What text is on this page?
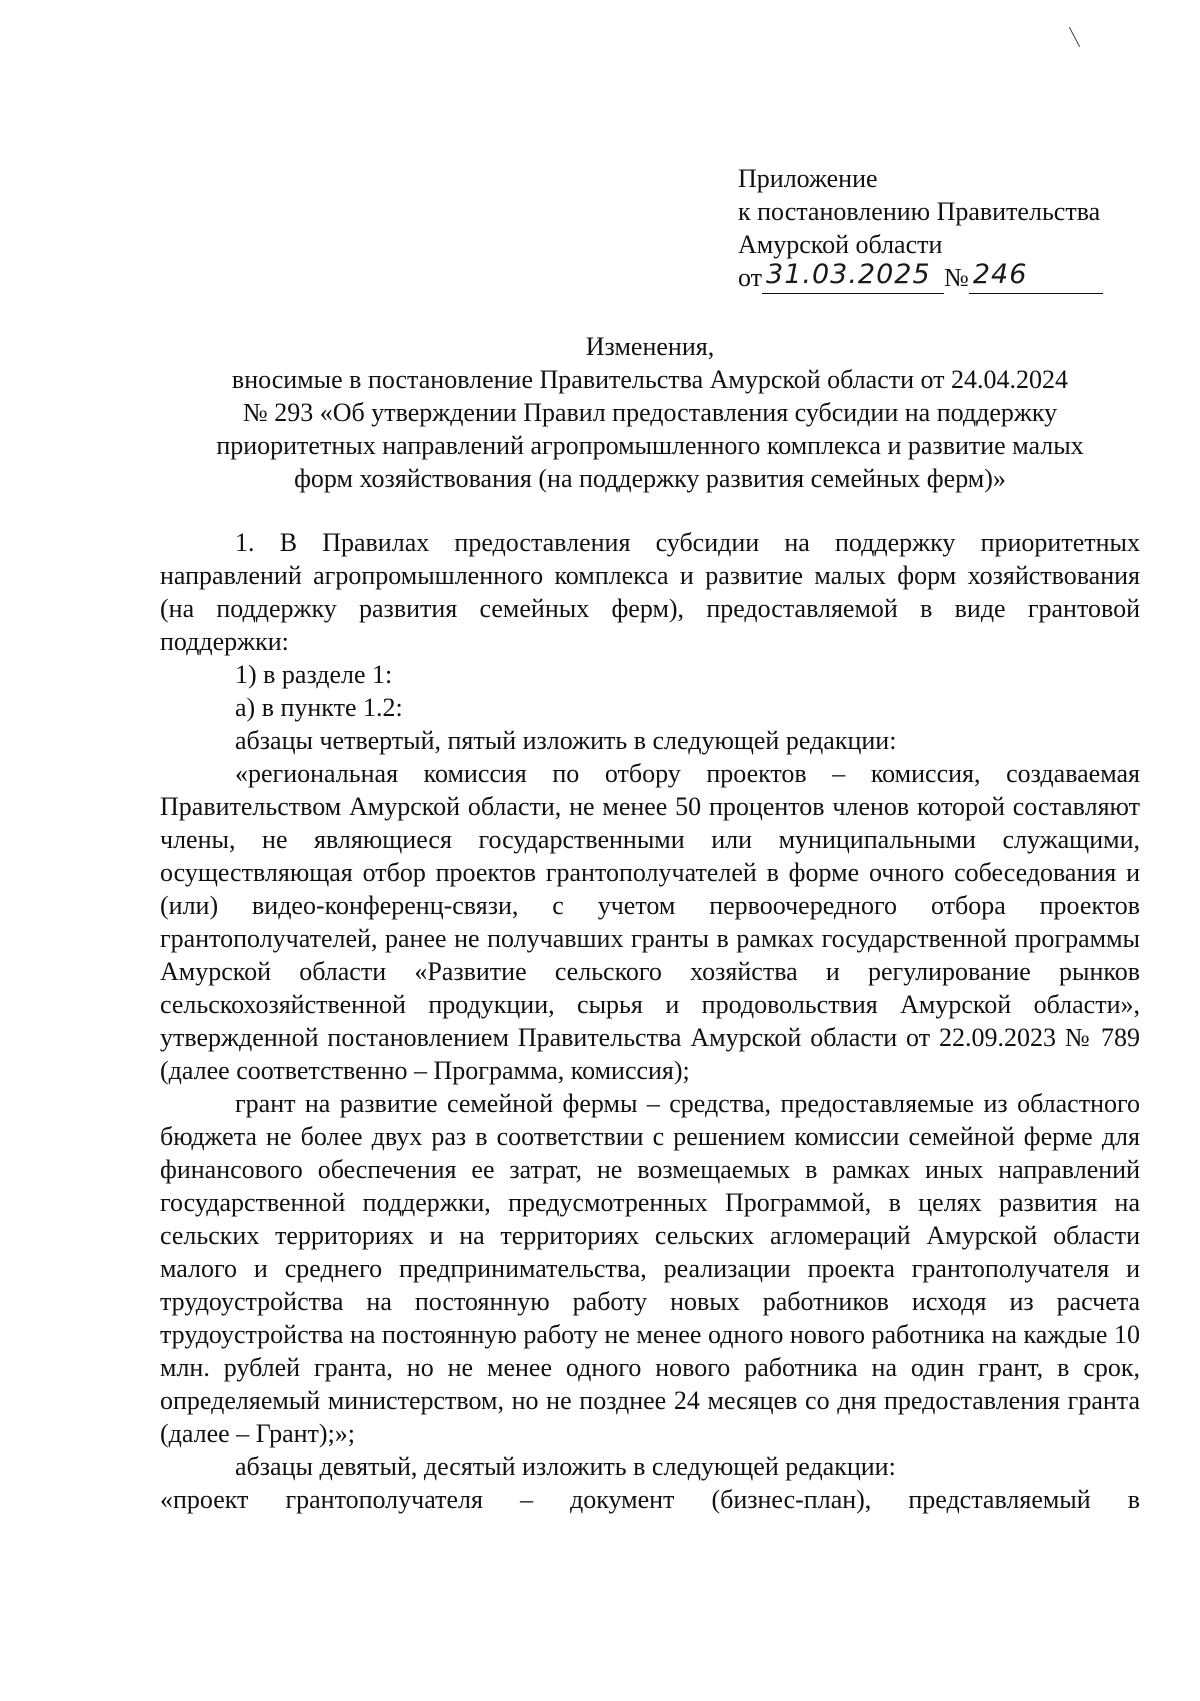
Приложение
к постановлению Правительства
Амурской области
от 31.03.2025 № 246
Изменения,
вносимые в постановление Правительства Амурской области от 24.04.2024
№ 293 «Об утверждении Правил предоставления субсидии на поддержку
приоритетных направлений агропромышленного комплекса и развитие малых
форм хозяйствования (на поддержку развития семейных ферм)»

1. В Правилах предоставления субсидии на поддержку приоритетных направлений агропромышленного комплекса и развитие малых форм хозяйствования (на поддержку развития семейных ферм), предоставляемой в виде грантовой поддержки:

1) в разделе 1:

а) в пункте 1.2:

абзацы четвертый, пятый изложить в следующей редакции:

«региональная комиссия по отбору проектов – комиссия, создаваемая Правительством Амурской области, не менее 50 процентов членов которой составляют члены, не являющиеся государственными или муниципальными служащими, осуществляющая отбор проектов грантополучателей в форме очного собеседования и (или) видео-конференц-связи, с учетом первоочередного отбора проектов грантополучателей, ранее не получавших гранты в рамках государственной программы Амурской области «Развитие сельского хозяйства и регулирование рынков сельскохозяйственной продукции, сырья и продовольствия Амурской области», утвержденной постановлением Правительства Амурской области от 22.09.2023 № 789 (далее соответственно – Программа, комиссия);

грант на развитие семейной фермы – средства, предоставляемые из областного бюджета не более двух раз в соответствии с решением комиссии семейной ферме для финансового обеспечения ее затрат, не возмещаемых в рамках иных направлений государственной поддержки, предусмотренных Программой, в целях развития на сельских территориях и на территориях сельских агломераций Амурской области малого и среднего предпринимательства, реализации проекта грантополучателя и трудоустройства на постоянную работу новых работников исходя из расчета трудоустройства на постоянную работу не менее одного нового работника на каждые 10 млн. рублей гранта, но не менее одного нового работника на один грант, в срок, определяемый министерством, но не позднее 24 месяцев со дня предоставления гранта (далее – Грант);»;

абзацы девятый, десятый изложить в следующей редакции:

«проект грантополучателя – документ (бизнес-план), представляемый в
